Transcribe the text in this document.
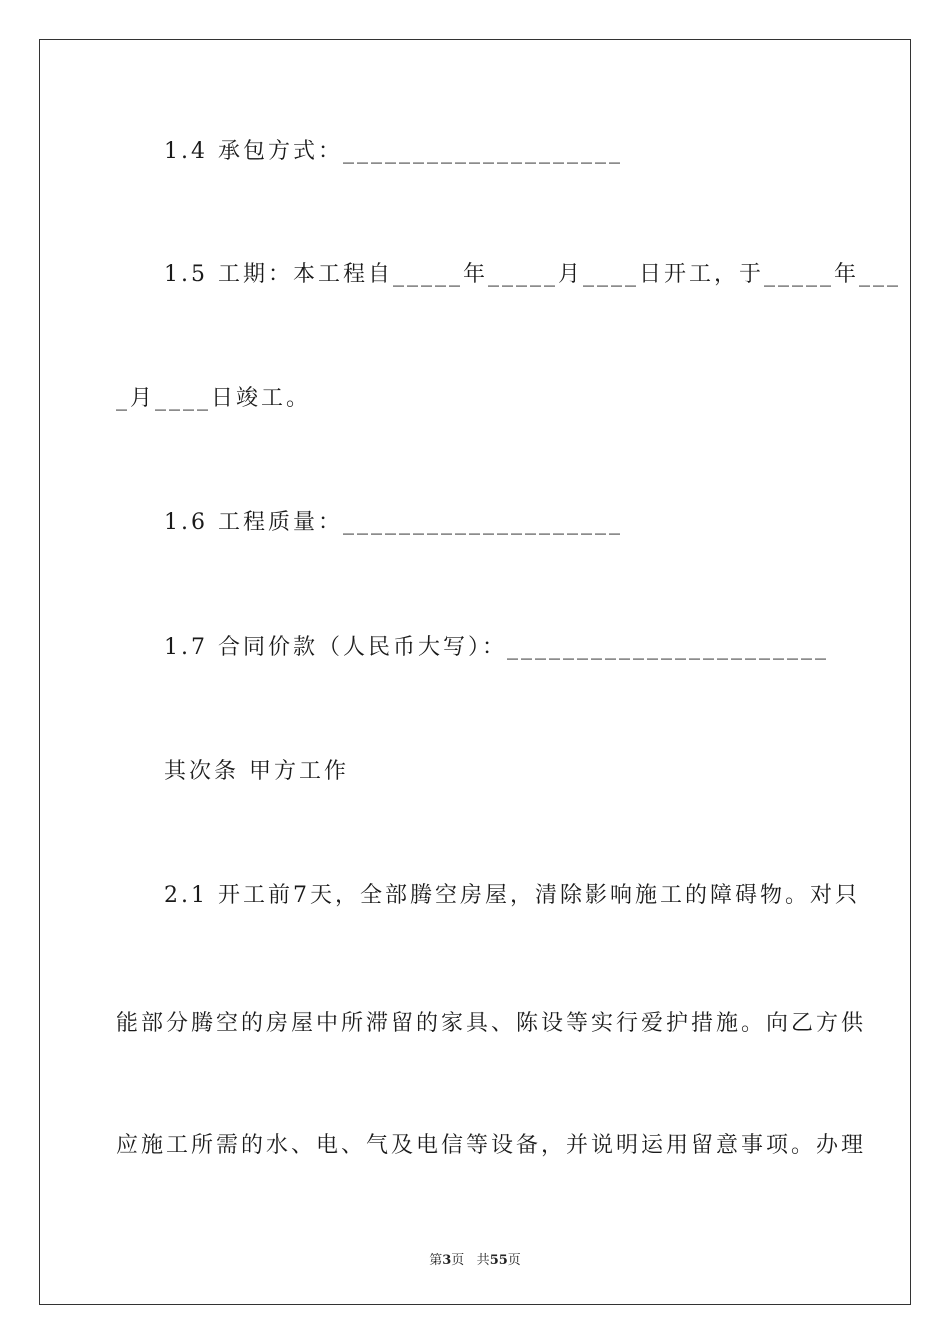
1.4 承包方式：____________________
1.5 工期：本工程自_____年_____月____日开工，于_____年___
_月____日竣工。
1.6 工程质量：____________________
1.7 合同价款（人民币大写）：_______________________
其次条 甲方工作
2.1 开工前7天，全部腾空房屋，清除影响施工的障碍物。对只
能部分腾空的房屋中所滞留的家具、陈设等实行爱护措施。向乙方供
应施工所需的水、电、气及电信等设备，并说明运用留意事项。办理
第3页 共55页
